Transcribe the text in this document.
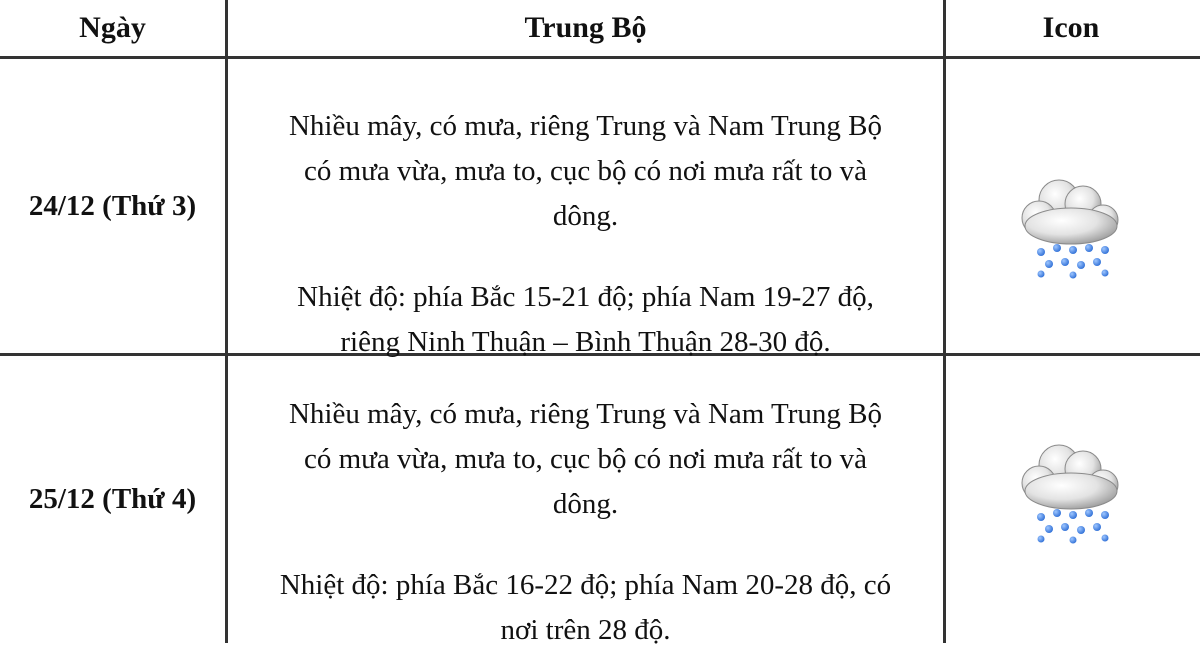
Ngày	Trung Bộ	Icon
24/12 (Thứ 3)

Nhiều mây, có mưa, riêng Trung và Nam Trung Bộ

có mưa vừa, mưa to, cục bộ có nơi mưa rất to và

dông.

Nhiệt độ: phía Bắc 15-21 độ; phía Nam 19-27 độ,

riêng Ninh Thuận – Bình Thuận 28-30 độ.

25/12 (Thứ 4)

Nhiều mây, có mưa, riêng Trung và Nam Trung Bộ

có mưa vừa, mưa to, cục bộ có nơi mưa rất to và

dông.

Nhiệt độ: phía Bắc 16-22 độ; phía Nam 20-28 độ, có

nơi trên 28 độ.
